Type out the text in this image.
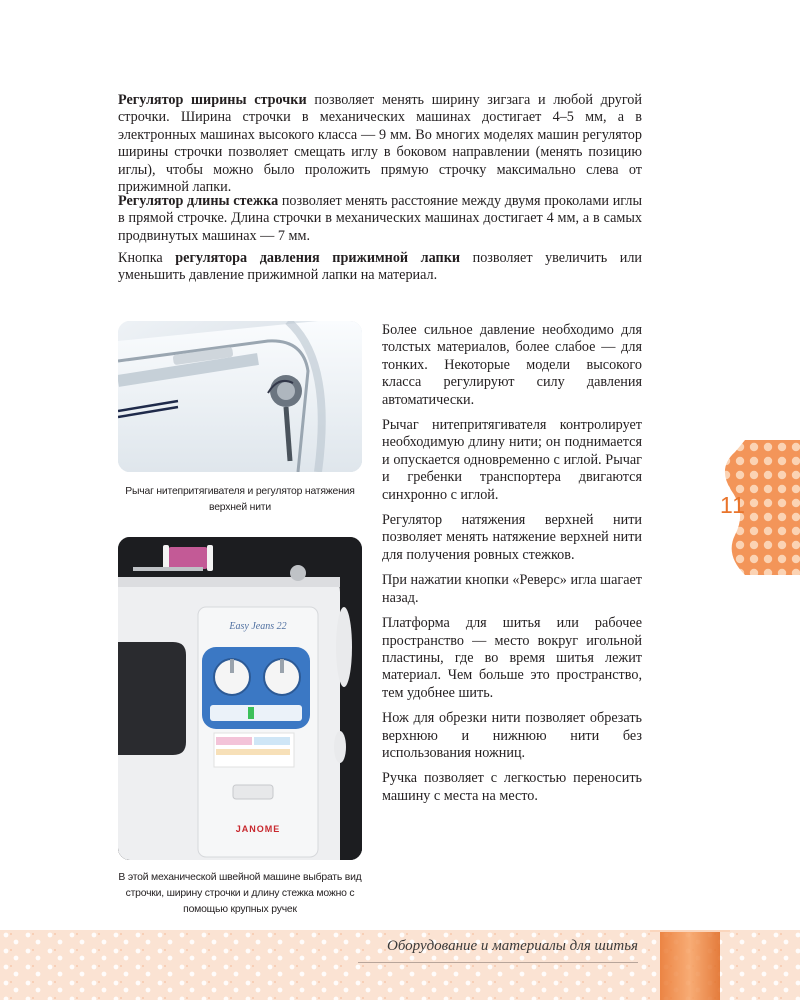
Регулятор ширины строчки позволяет менять ширину зигзага и любой другой строчки. Ширина строчки в механических машинах достигает 4–5 мм, а в электронных машинах высокого класса — 9 мм. Во многих моделях машин регулятор ширины строчки позволяет смещать иглу в боковом направлении (менять позицию иглы), чтобы можно было проложить прямую строчку максимально слева от прижимной лапки.

Регулятор длины стежка позволяет менять расстояние между двумя проколами иглы в прямой строчке. Длина строчки в механических машинах достигает 4 мм, а в самых продвинутых машинах — 7 мм.

Кнопка регулятора давления прижимной лапки позволяет увеличить или уменьшить давление прижимной лапки на материал.

Рычаг нитепритягивателя и регулятор натяжения верхней нити
Easy Jeans 22
JANOME
В этой механической швейной машине выбрать вид строчки, ширину строчки и длину стежка можно с помощью крупных ручек

Более сильное давление необходимо для толстых материалов, более слабое — для тонких. Некоторые модели высокого класса регулируют силу давления автоматически.

Рычаг нитепритягивателя контролирует необходимую длину нити; он поднимается и опускается одновременно с иглой. Рычаг и гребенки транспортера двигаются синхронно с иглой.

Регулятор натяжения верхней нити позволяет менять натяжение верхней нити для получения ровных стежков.

При нажатии кнопки «Реверс» игла шагает назад.

Платформа для шитья или рабочее пространство — место вокруг игольной пластины, где во время шитья лежит материал. Чем больше это пространство, тем удобнее шить.

Нож для обрезки нити позволяет обрезать верхнюю и нижнюю нити без использования ножниц.

Ручка позволяет с легкостью переносить машину с места на место.

11
Оборудование и материалы для шитья
